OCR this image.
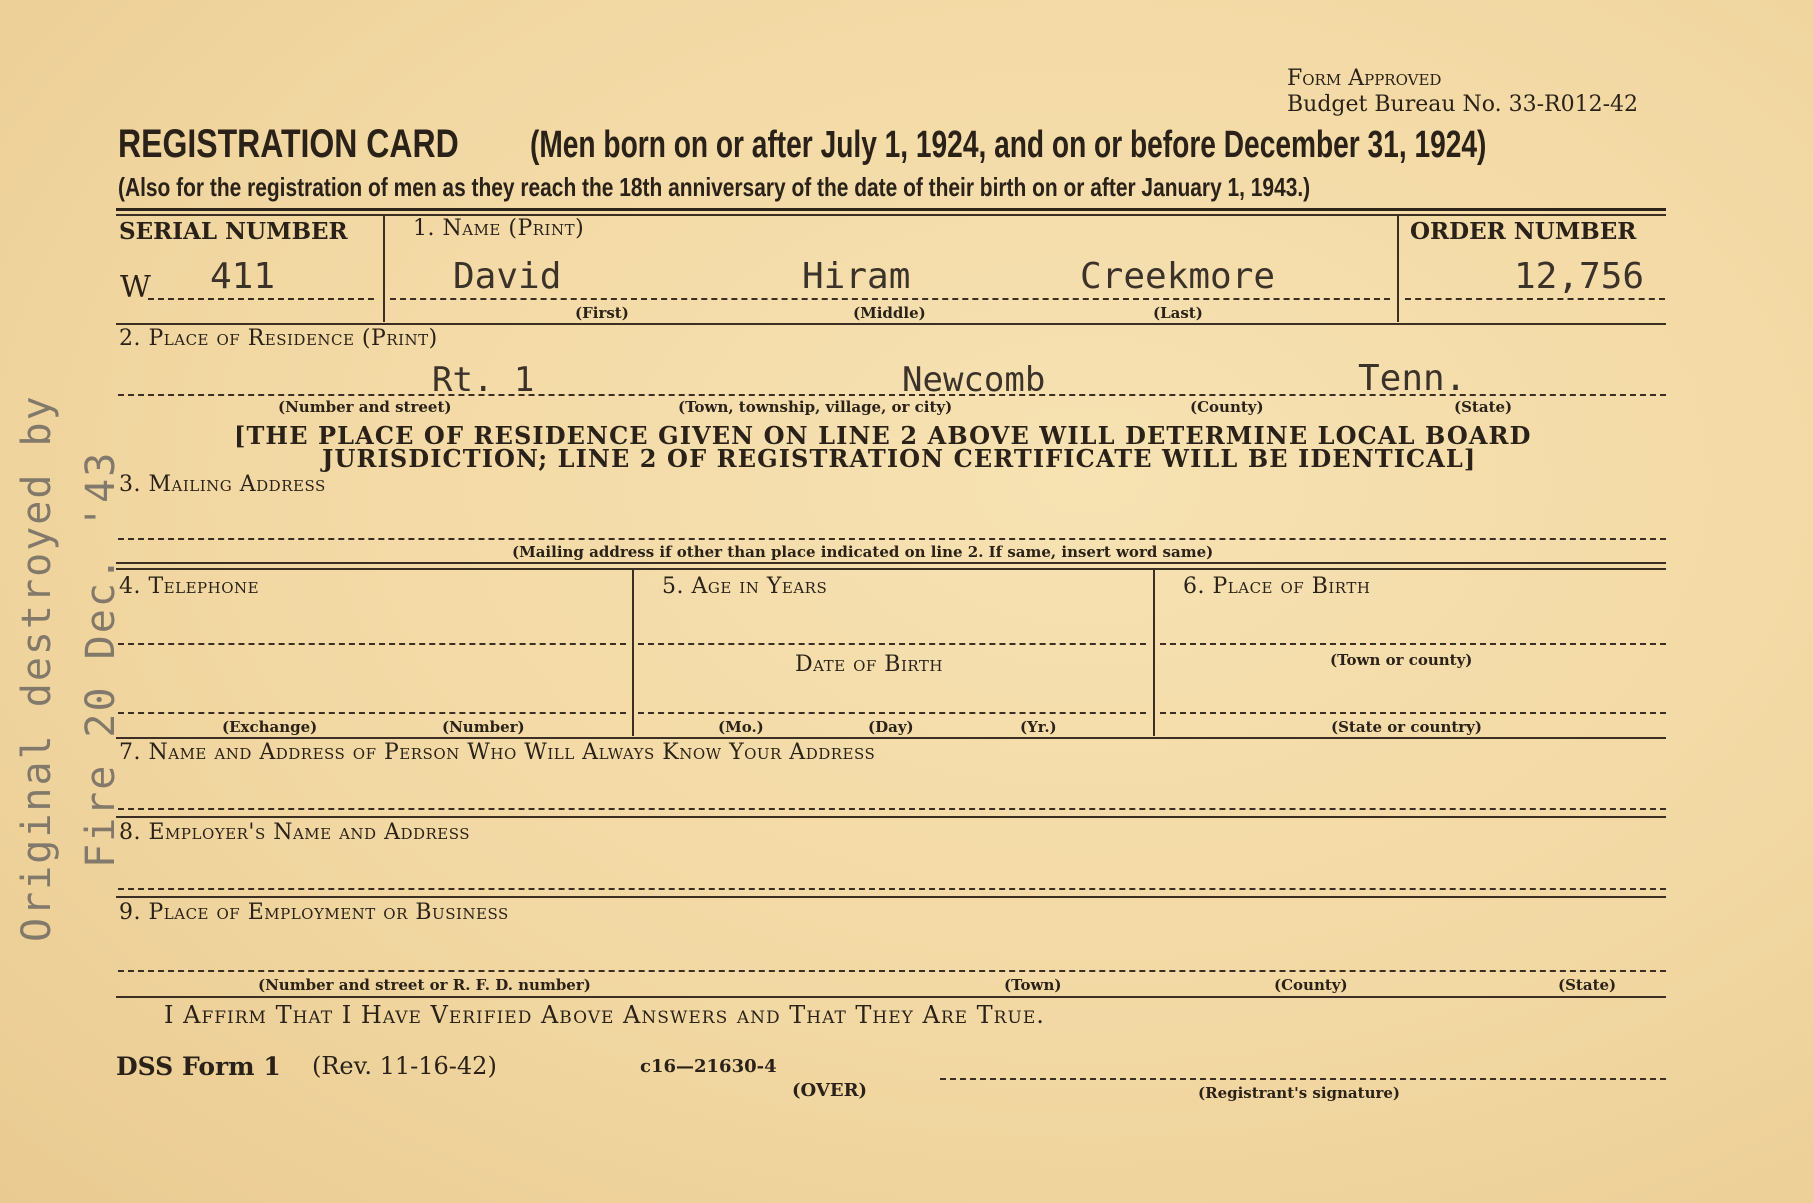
Form Approved
Budget Bureau No. 33-R012-42
REGISTRATION CARD (Men born on or after July 1, 1924, and on or before December 31, 1924)
(Also for the registration of men as they reach the 18th anniversary of the date of their birth on or after January 1, 1943.)
SERIAL NUMBER
W 411
1. Name (Print)
David	Hiram	Creekmore
(First)	(Middle)	(Last)
ORDER NUMBER
12,756
2. Place of Residence (Print)
Rt. 1	Newcomb	Tenn.
(Number and street)	(Town, township, village, or city)	(County)	(State)
[THE PLACE OF RESIDENCE GIVEN ON LINE 2 ABOVE WILL DETERMINE LOCAL BOARD
JURISDICTION; LINE 2 OF REGISTRATION CERTIFICATE WILL BE IDENTICAL]
3. Mailing Address
(Mailing address if other than place indicated on line 2. If same, insert word same)
4. Telephone
(Exchange)	(Number)
5. Age in Years
Date of Birth
(Mo.)	(Day)	(Yr.)
6. Place of Birth
(Town or county)
(State or country)
7. Name and Address of Person Who Will Always Know Your Address
8. Employer's Name and Address
9. Place of Employment or Business
(Number and street or R. F. D. number)	(Town)	(County)	(State)
I Affirm That I Have Verified Above Answers and That They Are True.
DSS Form 1 (Rev. 11-16-42)	c16—21630-4
(OVER)	(Registrant's signature)
Original destroyed by Fire 20 Dec. '43
